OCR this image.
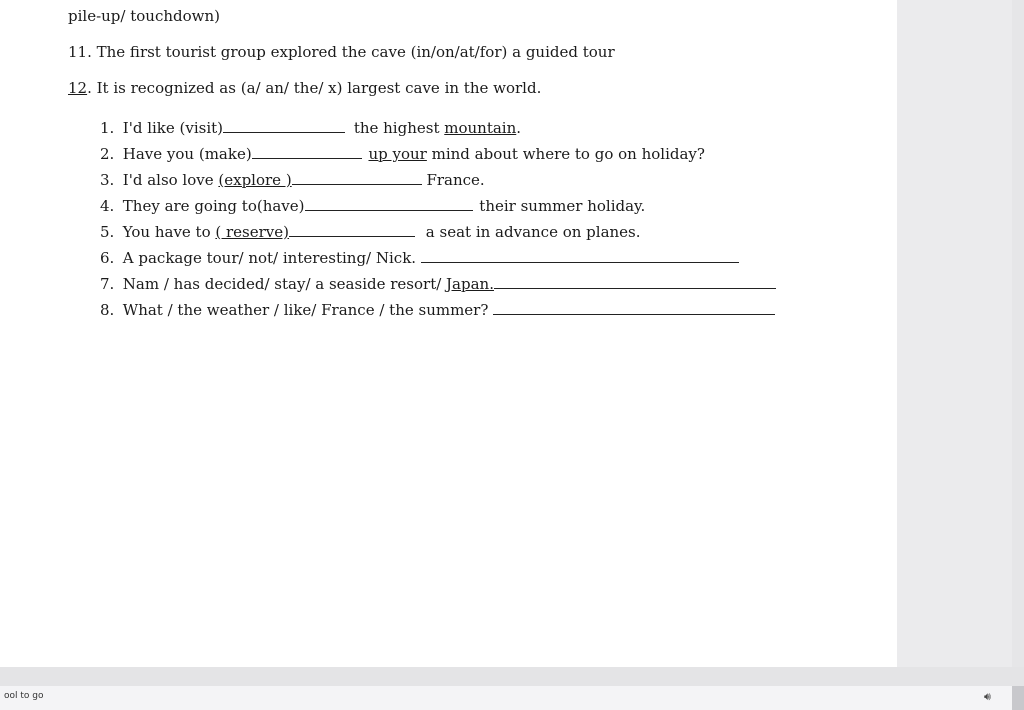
pile-up/ touchdown)
11. The first tourist group explored the cave (in/on/at/for) a guided tour
12. It is recognized as (a/ an/ the/ x) largest cave in the world.
1. I'd like (visit)	the highest mountain.
2. Have you (make)	up your mind about where to go on holiday?
3. I'd also love (explore )	France.
4. They are going to(have)	their summer holiday.
5. You have to ( reserve)	a seat in advance on planes.
6. A package tour/ not/ interesting/ Nick.
7. Nam / has decided/ stay/ a seaside resort/ Japan.
8. What / the weather / like/ France / the summer?
ool to go	🔊︎
